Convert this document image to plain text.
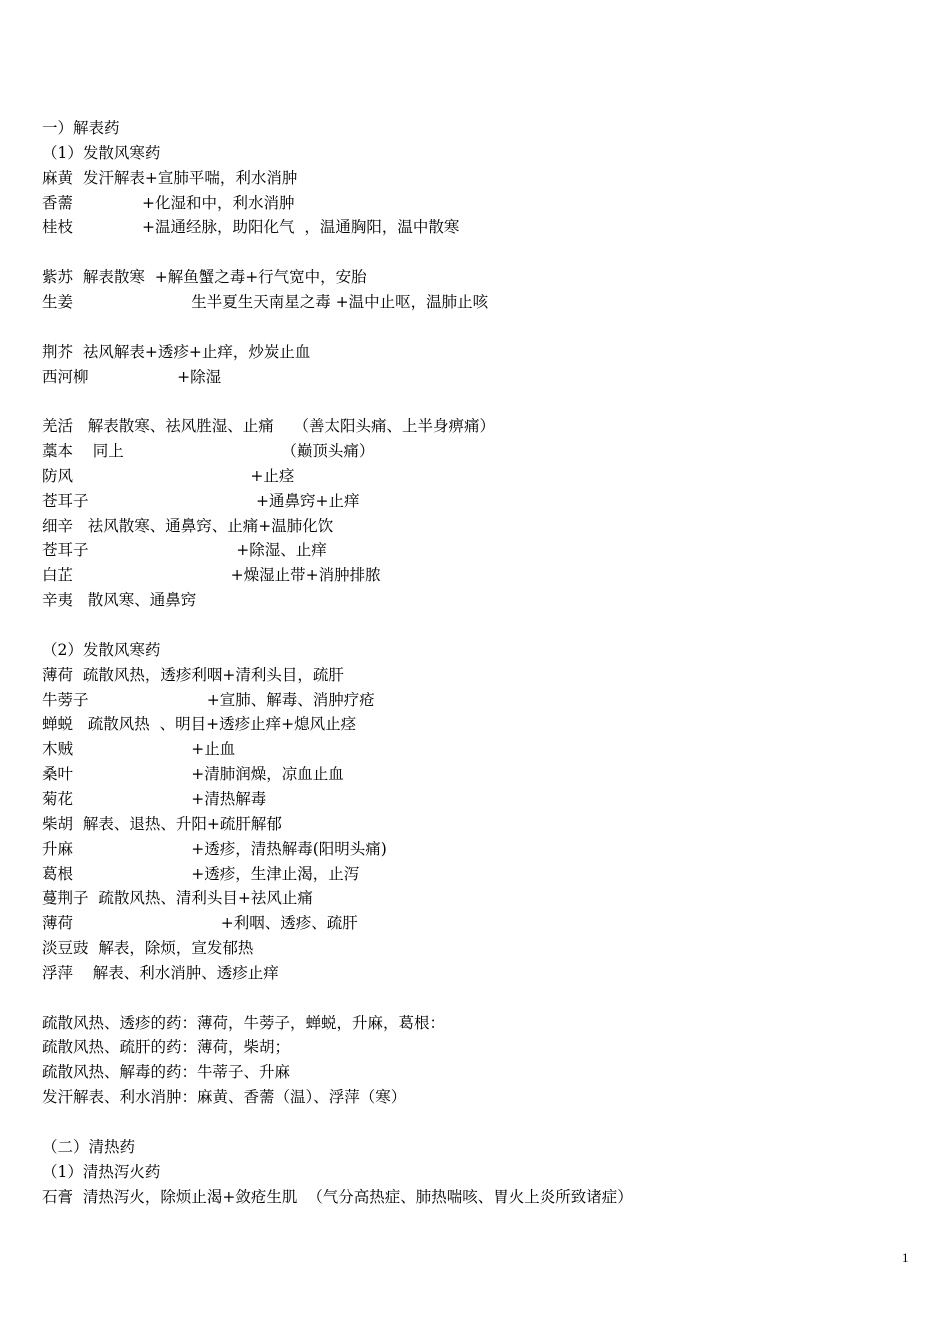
一）解表药
（1）发散风寒药
麻黄  发汗解表+宣肺平喘，利水消肿
香薷              +化湿和中，利水消肿
桂枝              +温通经脉，助阳化气  ，温通胸阳，温中散寒
紫苏  解表散寒  +解鱼蟹之毒+行气宽中，安胎
生姜                        生半夏生天南星之毒 +温中止呕，温肺止咳
荆芥  祛风解表+透疹+止痒，炒炭止血
西河柳                  +除湿
羌活   解表散寒、祛风胜湿、止痛    （善太阳头痛、上半身痹痛）
藁本    同上                                （巅顶头痛）
防风                                    +止痉
苍耳子                                  +通鼻窍+止痒
细辛   祛风散寒、通鼻窍、止痛+温肺化饮
苍耳子                              +除湿、止痒
白芷                                +燥湿止带+消肿排脓
辛夷   散风寒、通鼻窍
（2）发散风寒药
薄荷  疏散风热，透疹利咽+清利头目，疏肝
牛蒡子                        +宣肺、解毒、消肿疗疮
蝉蜕   疏散风热  、明目+透疹止痒+熄风止痉
木贼                        +止血
桑叶                        +清肺润燥，凉血止血
菊花                        +清热解毒
柴胡  解表、退热、升阳+疏肝解郁
升麻                        +透疹，清热解毒(阳明头痛)
葛根                        +透疹，生津止渴，止泻
蔓荆子  疏散风热、清利头目+祛风止痛
薄荷                              +利咽、透疹、疏肝
淡豆豉  解表，除烦，宣发郁热
浮萍    解表、利水消肿、透疹止痒
疏散风热、透疹的药：薄荷，牛蒡子，蝉蜕，升麻，葛根：
疏散风热、疏肝的药：薄荷，柴胡；
疏散风热、解毒的药：牛蒂子、升麻
发汗解表、利水消肿：麻黄、香薷（温）、浮萍（寒）
（二）清热药
（1）清热泻火药
石膏  清热泻火，除烦止渴+敛疮生肌  （气分高热症、肺热喘咳、胃火上炎所致诸症）
1
